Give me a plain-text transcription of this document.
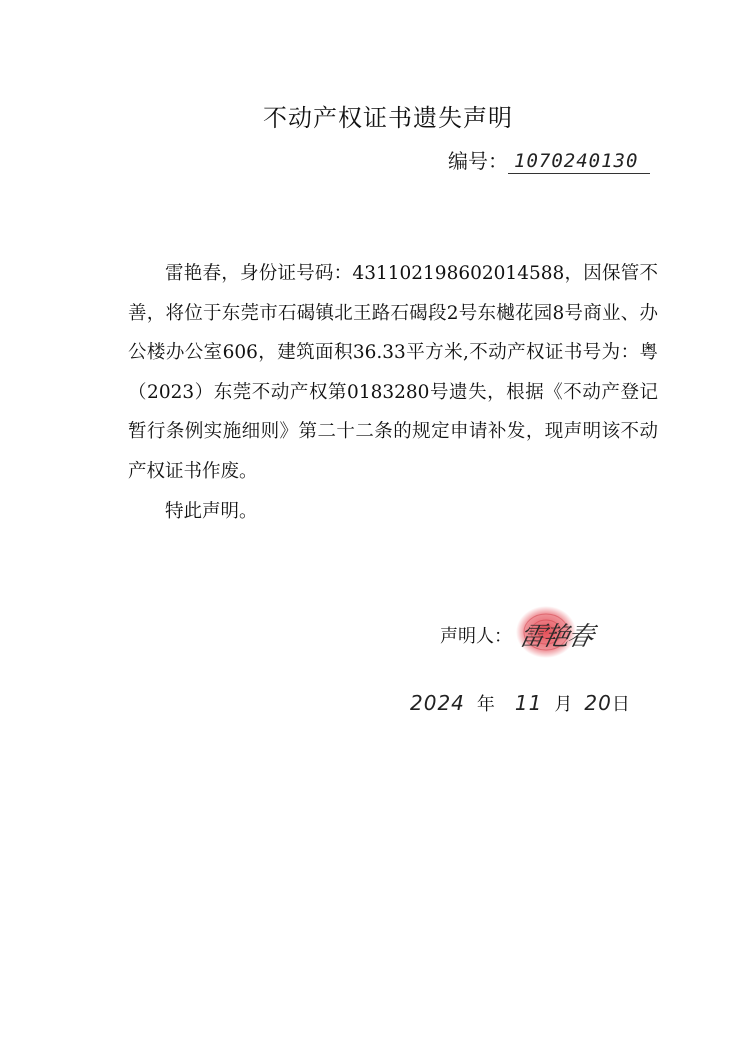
不动产权证书遗失声明
编号： 1070240130

雷艳春，身份证号码：431102198602014588，因保管不善，将位于东莞市石碣镇北王路石碣段2号东樾花园8号商业、办公楼办公室606，建筑面积36.33平方米,不动产权证书号为：粤（2023）东莞不动产权第0183280号遗失，根据《不动产登记暂行条例实施细则》第二十二条的规定申请补发，现声明该不动产权证书作废。

特此声明。

声明人： 雷艳春
2024 年 11 月 20 日
